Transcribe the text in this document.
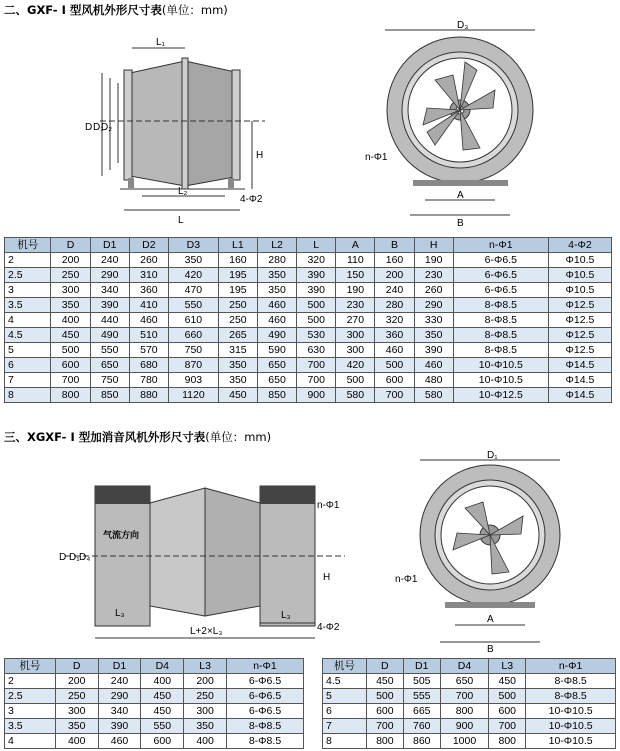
二、GXF- I 型风机外形尺寸表(单位：mm)
L₁
L₂
L
D D₁
D₂
H
4-Φ2
D₃
n-Φ1
A
B
机号	D	D1	D2	D3	L1	L2	L	A	B	H	n-Φ1	4-Φ2
2	200	240	260	350	160	280	320	110	160	190	6-Φ6.5	Φ10.5
2.5	250	290	310	420	195	350	390	150	200	230	6-Φ6.5	Φ10.5
3	300	340	360	470	195	350	390	190	240	260	6-Φ6.5	Φ10.5
3.5	350	390	410	550	250	460	500	230	280	290	8-Φ8.5	Φ12.5
4	400	440	460	610	250	460	500	270	320	330	8-Φ8.5	Φ12.5
4.5	450	490	510	660	265	490	530	300	360	350	8-Φ8.5	Φ12.5
5	500	550	570	750	315	590	630	300	460	390	8-Φ8.5	Φ12.5
6	600	650	680	870	350	650	700	420	500	460	10-Φ10.5	Φ14.5
7	700	750	780	903	350	650	700	500	600	480	10-Φ10.5	Φ14.5
8	800	850	880	1120	450	850	900	580	700	580	10-Φ12.5	Φ14.5
三、XGXF- I 型加消音风机外形尺寸表(单位：mm)
气流方向
L₃	L₃
L+2×L₃
H
4-Φ2
n-Φ1
D D₁ D₄
D₁
n-Φ1
A
B
机号	D	D1	D4	L3	n-Φ1
2	200	240	400	200	6-Φ6.5
2.5	250	290	450	250	6-Φ6.5
3	300	340	450	300	6-Φ6.5
3.5	350	390	550	350	8-Φ8.5
4	400	460	600	400	8-Φ8.5
机号	D	D1	D4	L3	n-Φ1
4.5	450	505	650	450	8-Φ8.5
5	500	555	700	500	8-Φ8.5
6	600	665	800	600	10-Φ10.5
7	700	760	900	700	10-Φ10.5
8	800	860	1000	800	10-Φ10.5
